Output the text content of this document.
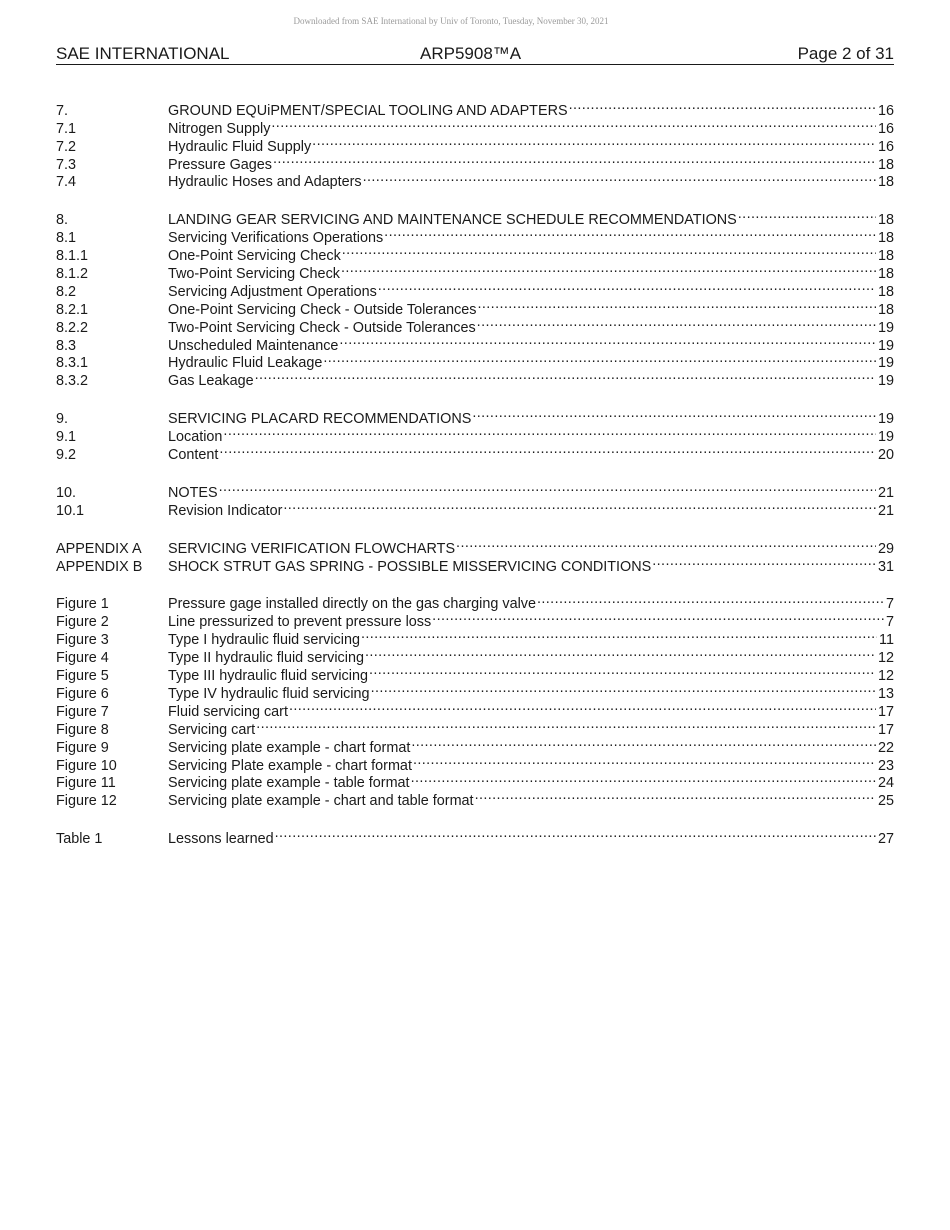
Downloaded from SAE International by Univ of Toronto, Tuesday, November 30, 2021
SAE INTERNATIONAL	ARP5908™A	Page 2 of 31
7.	GROUND EQUiPMENT/SPECIAL TOOLING AND ADAPTERS .....	16
7.1	Nitrogen Supply .....	16
7.2	Hydraulic Fluid Supply .....	16
7.3	Pressure Gages .....	18
7.4	Hydraulic Hoses and Adapters .....	18
8.	LANDING GEAR SERVICING AND MAINTENANCE SCHEDULE RECOMMENDATIONS .....	18
8.1	Servicing Verifications Operations .....	18
8.1.1	One-Point Servicing Check .....	18
8.1.2	Two-Point Servicing Check .....	18
8.2	Servicing Adjustment Operations .....	18
8.2.1	One-Point Servicing Check - Outside Tolerances .....	18
8.2.2	Two-Point Servicing Check - Outside Tolerances .....	19
8.3	Unscheduled Maintenance .....	19
8.3.1	Hydraulic Fluid Leakage .....	19
8.3.2	Gas Leakage .....	19
9.	SERVICING PLACARD RECOMMENDATIONS .....	19
9.1	Location .....	19
9.2	Content .....	20
10.	NOTES .....	21
10.1	Revision Indicator .....	21
APPENDIX A	SERVICING VERIFICATION FLOWCHARTS .....	29
APPENDIX B	SHOCK STRUT GAS SPRING - POSSIBLE MISSERVICING CONDITIONS .....	31
Figure 1	Pressure gage installed directly on the gas charging valve .....	7
Figure 2	Line pressurized to prevent pressure loss .....	7
Figure 3	Type I hydraulic fluid servicing .....	11
Figure 4	Type II hydraulic fluid servicing .....	12
Figure 5	Type III hydraulic fluid servicing .....	12
Figure 6	Type IV hydraulic fluid servicing .....	13
Figure 7	Fluid servicing cart .....	17
Figure 8	Servicing cart .....	17
Figure 9	Servicing plate example - chart format .....	22
Figure 10	Servicing Plate example - chart format .....	23
Figure 11	Servicing plate example - table format .....	24
Figure 12	Servicing plate example - chart and table format .....	25
Table 1	Lessons learned .....	27
